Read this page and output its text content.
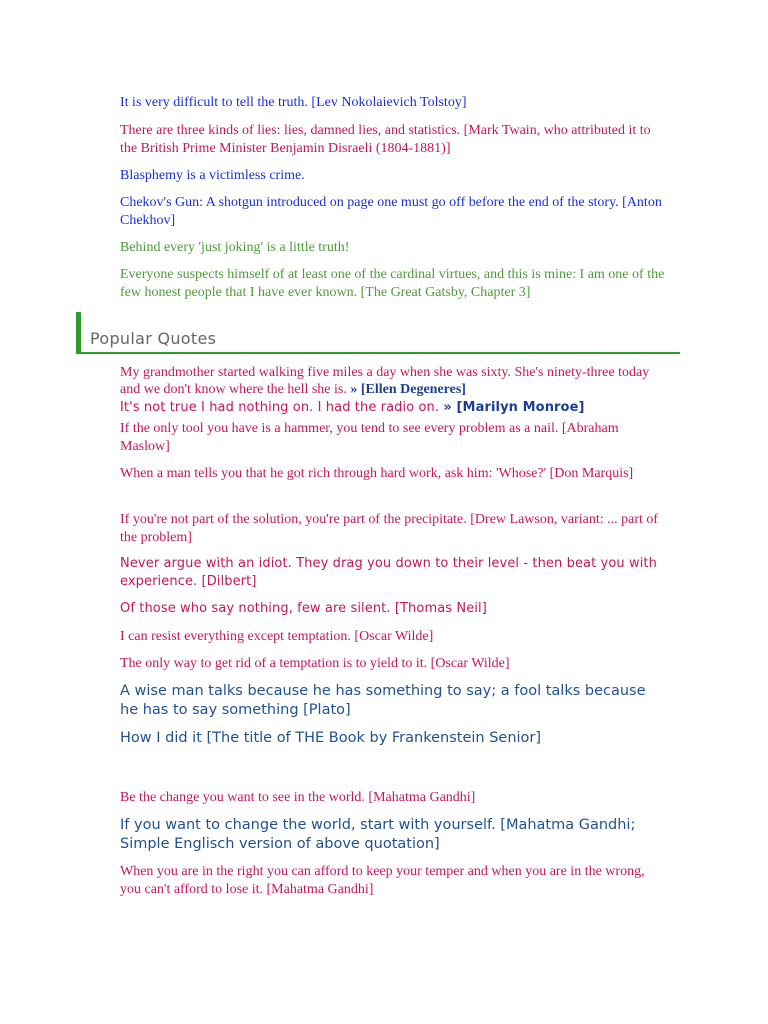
It is very difficult to tell the truth. [Lev Nokolaievich Tolstoy]

There are three kinds of lies: lies, damned lies, and statistics. [Mark Twain, who attributed it to the British Prime Minister Benjamin Disraeli (1804-1881)]

Blasphemy is a victimless crime.

Chekov's Gun: A shotgun introduced on page one must go off before the end of the story. [Anton Chekhov]

Behind every 'just joking' is a little truth!

Everyone suspects himself of at least one of the cardinal virtues, and this is mine: I am one of the few honest people that I have ever known. [The Great Gatsby, Chapter 3]

Popular Quotes

My grandmother started walking five miles a day when she was sixty. She's ninety-three today and we don't know where the hell she is. » [Ellen Degeneres]

It's not true I had nothing on. I had the radio on. » [Marilyn Monroe]

If the only tool you have is a hammer, you tend to see every problem as a nail. [Abraham Maslow]

When a man tells you that he got rich through hard work, ask him: 'Whose?' [Don Marquis]

If you're not part of the solution, you're part of the precipitate. [Drew Lawson, variant: ... part of the problem]

Never argue with an idiot. They drag you down to their level - then beat you with experience. [Dilbert]

Of those who say nothing, few are silent. [Thomas Neil]

I can resist everything except temptation. [Oscar Wilde]

The only way to get rid of a temptation is to yield to it. [Oscar Wilde]

A wise man talks because he has something to say; a fool talks because he has to say something [Plato]

How I did it [The title of THE Book by Frankenstein Senior]

Be the change you want to see in the world. [Mahatma Gandhi]

If you want to change the world, start with yourself. [Mahatma Gandhi; Simple Englisch version of above quotation]

When you are in the right you can afford to keep your temper and when you are in the wrong, you can't afford to lose it. [Mahatma Gandhi]
